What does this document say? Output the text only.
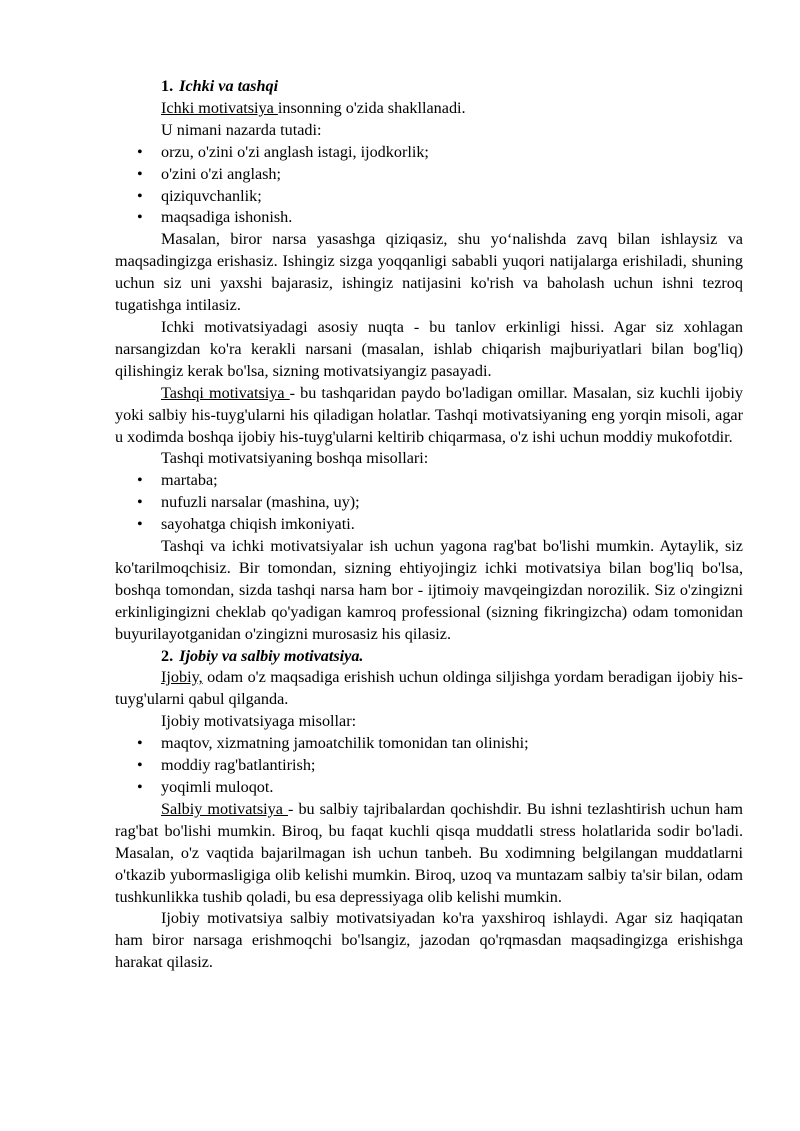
1. Ichki va tashqi

Ichki motivatsiya insonning o'zida shakllanadi.

U nimani nazarda tutadi:

• orzu, o'zini o'zi anglash istagi, ijodkorlik;
• o'zini o'zi anglash;
• qiziquvchanlik;
• maqsadiga ishonish.

Masalan, biror narsa yasashga qiziqasiz, shu yoʻnalishda zavq bilan ishlaysiz va maqsadingizga erishasiz. Ishingiz sizga yoqqanligi sababli yuqori natijalarga erishiladi, shuning uchun siz uni yaxshi bajarasiz, ishingiz natijasini ko'rish va baholash uchun ishni tezroq tugatishga intilasiz.

Ichki motivatsiyadagi asosiy nuqta - bu tanlov erkinligi hissi. Agar siz xohlagan narsangizdan ko'ra kerakli narsani (masalan, ishlab chiqarish majburiyatlari bilan bog'liq) qilishingiz kerak bo'lsa, sizning motivatsiyangiz pasayadi.

Tashqi motivatsiya - bu tashqaridan paydo bo'ladigan omillar. Masalan, siz kuchli ijobiy yoki salbiy his-tuyg'ularni his qiladigan holatlar. Tashqi motivatsiyaning eng yorqin misoli, agar u xodimda boshqa ijobiy his-tuyg'ularni keltirib chiqarmasa, o'z ishi uchun moddiy mukofotdir.

Tashqi motivatsiyaning boshqa misollari:

• martaba;
• nufuzli narsalar (mashina, uy);
• sayohatga chiqish imkoniyati.

Tashqi va ichki motivatsiyalar ish uchun yagona rag'bat bo'lishi mumkin. Aytaylik, siz ko'tarilmoqchisiz. Bir tomondan, sizning ehtiyojingiz ichki motivatsiya bilan bog'liq bo'lsa, boshqa tomondan, sizda tashqi narsa ham bor - ijtimoiy mavqeingizdan norozilik. Siz o'zingizni erkinligingizni cheklab qo'yadigan kamroq professional (sizning fikringizcha) odam tomonidan buyurilayotganidan o'zingizni murosasiz his qilasiz.

2. Ijobiy va salbiy motivatsiya.

Ijobiy, odam o'z maqsadiga erishish uchun oldinga siljishga yordam beradigan ijobiy his-tuyg'ularni qabul qilganda.

Ijobiy motivatsiyaga misollar:

• maqtov, xizmatning jamoatchilik tomonidan tan olinishi;
• moddiy rag'batlantirish;
• yoqimli muloqot.

Salbiy motivatsiya - bu salbiy tajribalardan qochishdir. Bu ishni tezlashtirish uchun ham rag'bat bo'lishi mumkin. Biroq, bu faqat kuchli qisqa muddatli stress holatlarida sodir bo'ladi. Masalan, o'z vaqtida bajarilmagan ish uchun tanbeh. Bu xodimning belgilangan muddatlarni o'tkazib yubormasligiga olib kelishi mumkin. Biroq, uzoq va muntazam salbiy ta'sir bilan, odam tushkunlikka tushib qoladi, bu esa depressiyaga olib kelishi mumkin.

Ijobiy motivatsiya salbiy motivatsiyadan ko'ra yaxshiroq ishlaydi. Agar siz haqiqatan ham biror narsaga erishmoqchi bo'lsangiz, jazodan qo'rqmasdan maqsadingizga erishishga harakat qilasiz.
